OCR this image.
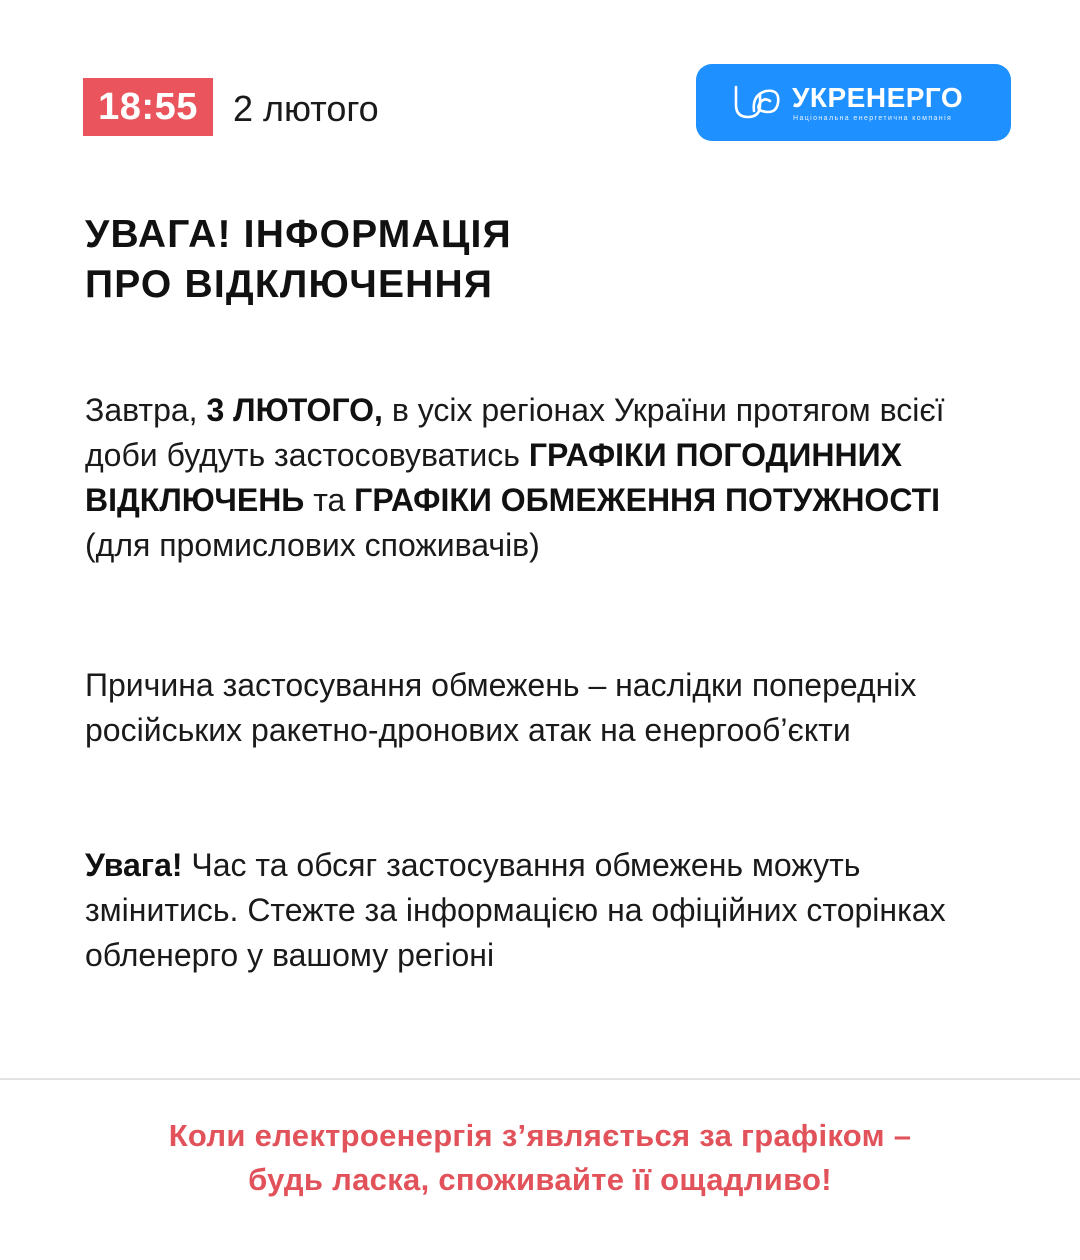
18:55 2 лютого	УКРЕНЕРГО
Національна енергетична компанія
УВАГА! ІНФОРМАЦІЯ
ПРО ВІДКЛЮЧЕННЯ

Завтра, 3 ЛЮТОГО, в усіх регіонах України протягом всієї доби будуть застосовуватись ГРАФІКИ ПОГОДИННИХ ВІДКЛЮЧЕНЬ та ГРАФІКИ ОБМЕЖЕННЯ ПОТУЖНОСТІ (для промислових споживачів)

Причина застосування обмежень – наслідки попередніх російських ракетно-дронових атак на енергооб’єкти

Увага! Час та обсяг застосування обмежень можуть змінитись. Стежте за інформацією на офіційних сторінках обленерго у вашому регіоні

Коли електроенергія з’являється за графіком –
будь ласка, споживайте її ощадливо!
